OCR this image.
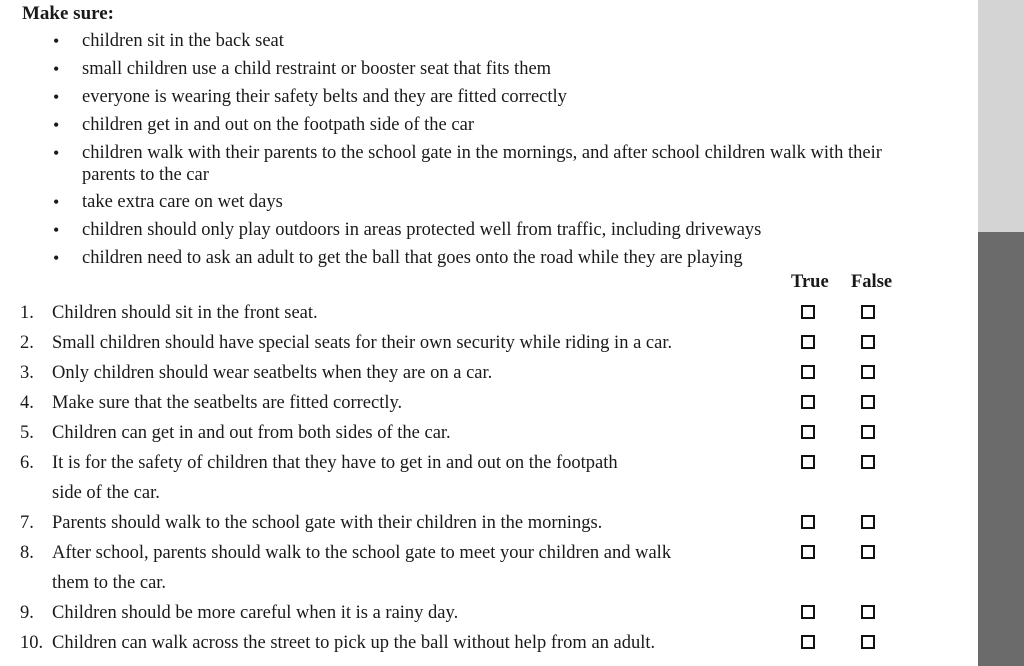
Make sure:
• children sit in the back seat
• small children use a child restraint or booster seat that fits them
• everyone is wearing their safety belts and they are fitted correctly
• children get in and out on the footpath side of the car
• children walk with their parents to the school gate in the mornings, and after school children walk with their parents to the car
• take extra care on wet days
• children should only play outdoors in areas protected well from traffic, including driveways
• children need to ask an adult to get the ball that goes onto the road while they are playing
True False
1. Children should sit in the front seat.
2. Small children should have special seats for their own security while riding in a car.
3. Only children should wear seatbelts when they are on a car.
4. Make sure that the seatbelts are fitted correctly.
5. Children can get in and out from both sides of the car.
6. It is for the safety of children that they have to get in and out on the footpath
side of the car.
7. Parents should walk to the school gate with their children in the mornings.
8. After school, parents should walk to the school gate to meet your children and walk
them to the car.
9. Children should be more careful when it is a rainy day.
10. Children can walk across the street to pick up the ball without help from an adult.
